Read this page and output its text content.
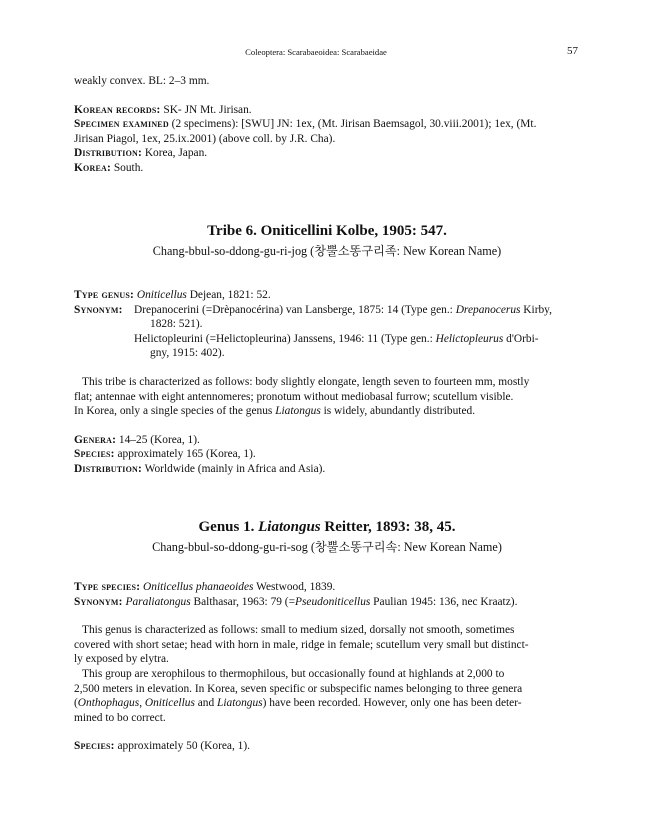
Coleoptera: Scarabaeoidea: Scarabaeidae	57
weakly convex. BL: 2–3 mm.
Korean records: SK- JN Mt. Jirisan.
Specimen examined (2 specimens): [SWU] JN: 1ex, (Mt. Jirisan Baemsagol, 30.viii.2001); 1ex, (Mt.
Jirisan Piagol, 1ex, 25.ix.2001) (above coll. by J.R. Cha).
Distribution: Korea, Japan.
Korea: South.
Tribe 6. Oniticellini Kolbe, 1905: 547.
Chang-bbul-so-ddong-gu-ri-jog (창뿔소똥구리족: New Korean Name)
Type genus: Oniticellus Dejean, 1821: 52.
Synonym: Drepanocerini (=Drèpanocérina) van Lansberge, 1875: 14 (Type gen.: Drepanocerus Kirby,
1828: 521).
Helictopleurini (=Helictopleurina) Janssens, 1946: 11 (Type gen.: Helictopleurus d'Orbi-
gny, 1915: 402).
This tribe is characterized as follows: body slightly elongate, length seven to fourteen mm, mostly
flat; antennae with eight antennomeres; pronotum without mediobasal furrow; scutellum visible.
In Korea, only a single species of the genus Liatongus is widely, abundantly distributed.
Genera: 14–25 (Korea, 1).
Species: approximately 165 (Korea, 1).
Distribution: Worldwide (mainly in Africa and Asia).
Genus 1. Liatongus Reitter, 1893: 38, 45.
Chang-bbul-so-ddong-gu-ri-sog (창뿔소똥구리속: New Korean Name)
Type species: Oniticellus phanaeoides Westwood, 1839.
Synonym: Paraliatongus Balthasar, 1963: 79 (=Pseudoniticellus Paulian 1945: 136, nec Kraatz).
This genus is characterized as follows: small to medium sized, dorsally not smooth, sometimes
covered with short setae; head with horn in male, ridge in female; scutellum very small but distinct-
ly exposed by elytra.
This group are xerophilous to thermophilous, but occasionally found at highlands at 2,000 to
2,500 meters in elevation. In Korea, seven specific or subspecific names belonging to three genera
(Onthophagus, Oniticellus and Liatongus) have been recorded. However, only one has been deter-
mined to bo correct.
Species: approximately 50 (Korea, 1).
